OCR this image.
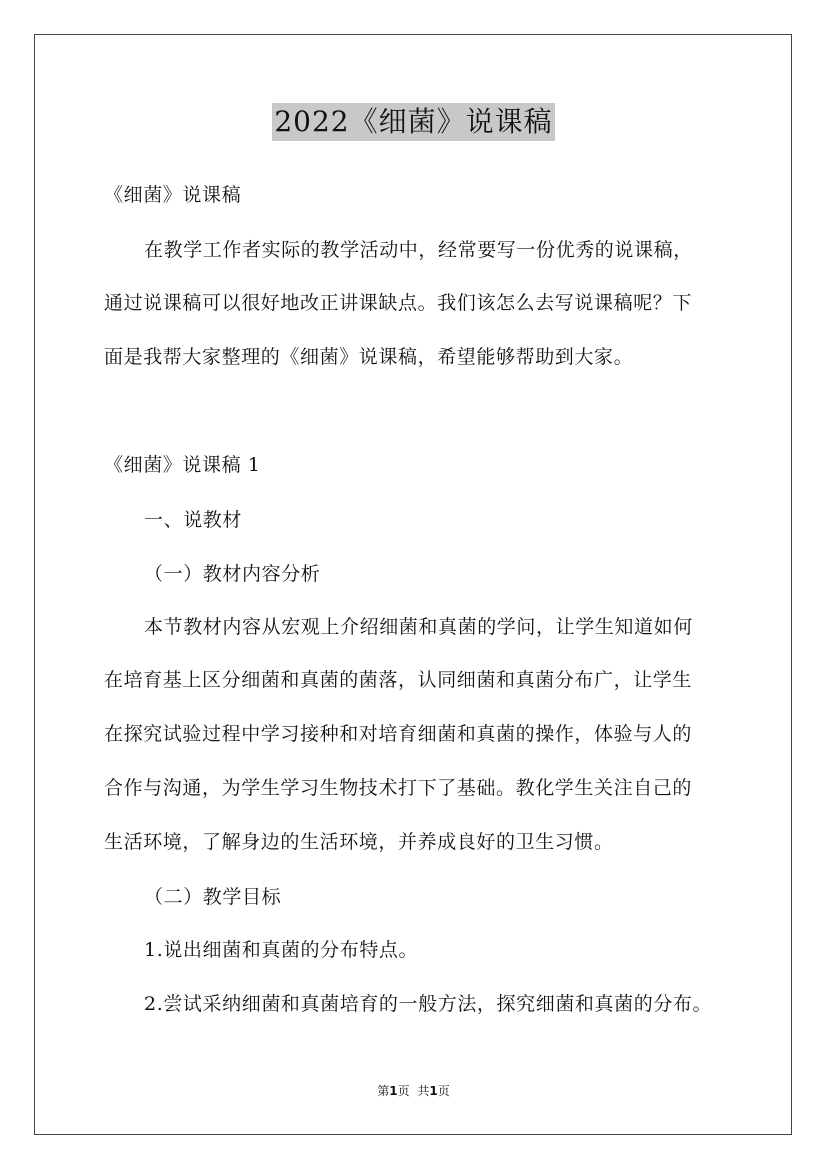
2022《细菌》说课稿
《细菌》说课稿
在教学工作者实际的教学活动中，经常要写一份优秀的说课稿，
通过说课稿可以很好地改正讲课缺点。我们该怎么去写说课稿呢？下
面是我帮大家整理的《细菌》说课稿，希望能够帮助到大家。
《细菌》说课稿 1
一、说教材
（一）教材内容分析
本节教材内容从宏观上介绍细菌和真菌的学问，让学生知道如何
在培育基上区分细菌和真菌的菌落，认同细菌和真菌分布广，让学生
在探究试验过程中学习接种和对培育细菌和真菌的操作，体验与人的
合作与沟通，为学生学习生物技术打下了基础。教化学生关注自己的
生活环境，了解身边的生活环境，并养成良好的卫生习惯。
（二）教学目标
1.说出细菌和真菌的分布特点。
2.尝试采纳细菌和真菌培育的一般方法，探究细菌和真菌的分布。
第1页 共1页
